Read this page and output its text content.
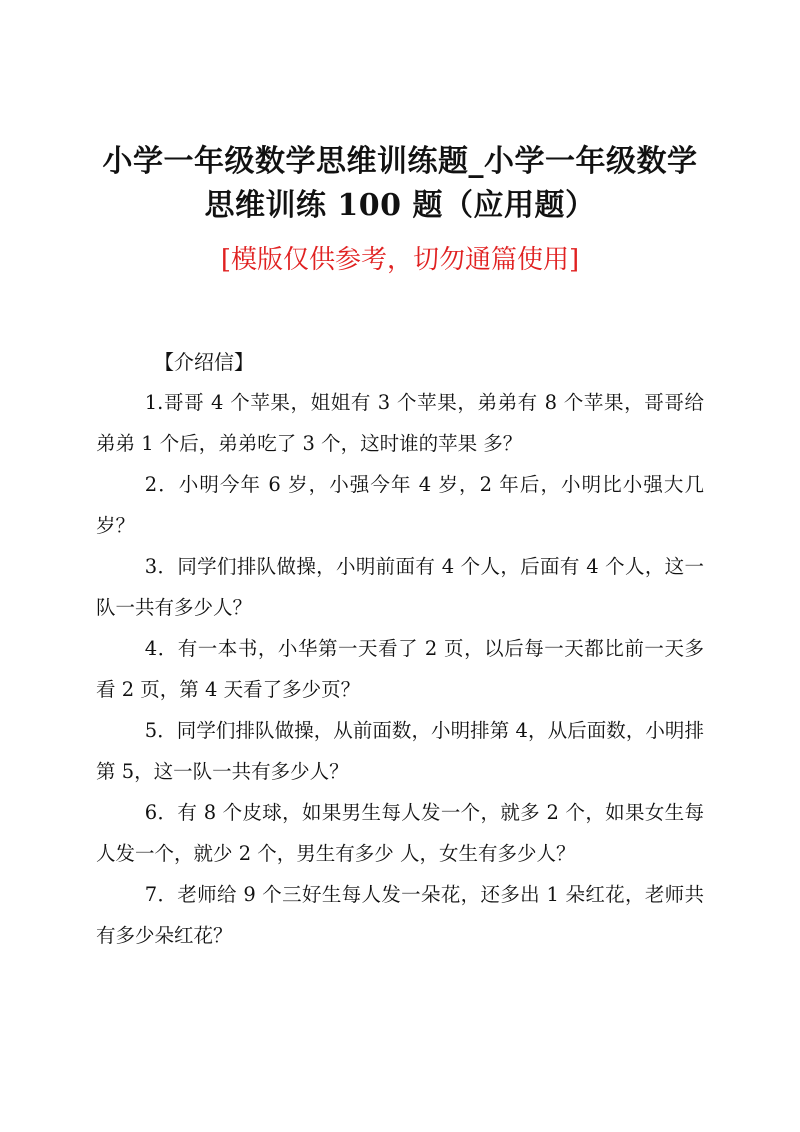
小学一年级数学思维训练题_小学一年级数学
思维训练 100 题（应用题）

[模版仅供参考，切勿通篇使用]

【介绍信】
1.哥哥 4 个苹果，姐姐有 3 个苹果，弟弟有 8 个苹果，哥哥给弟弟 1 个后，弟弟吃了 3 个，这时谁的苹果 多？
2．小明今年 6 岁，小强今年 4 岁，2 年后，小明比小强大几岁？
3．同学们排队做操，小明前面有 4 个人，后面有 4 个人，这一队一共有多少人？
4．有一本书，小华第一天看了 2 页，以后每一天都比前一天多看 2 页，第 4 天看了多少页？
5．同学们排队做操，从前面数，小明排第 4，从后面数，小明排第 5，这一队一共有多少人？
6．有 8 个皮球，如果男生每人发一个，就多 2 个，如果女生每人发一个，就少 2 个，男生有多少 人，女生有多少人？
7．老师给 9 个三好生每人发一朵花，还多出 1 朵红花，老师共有多少朵红花？
